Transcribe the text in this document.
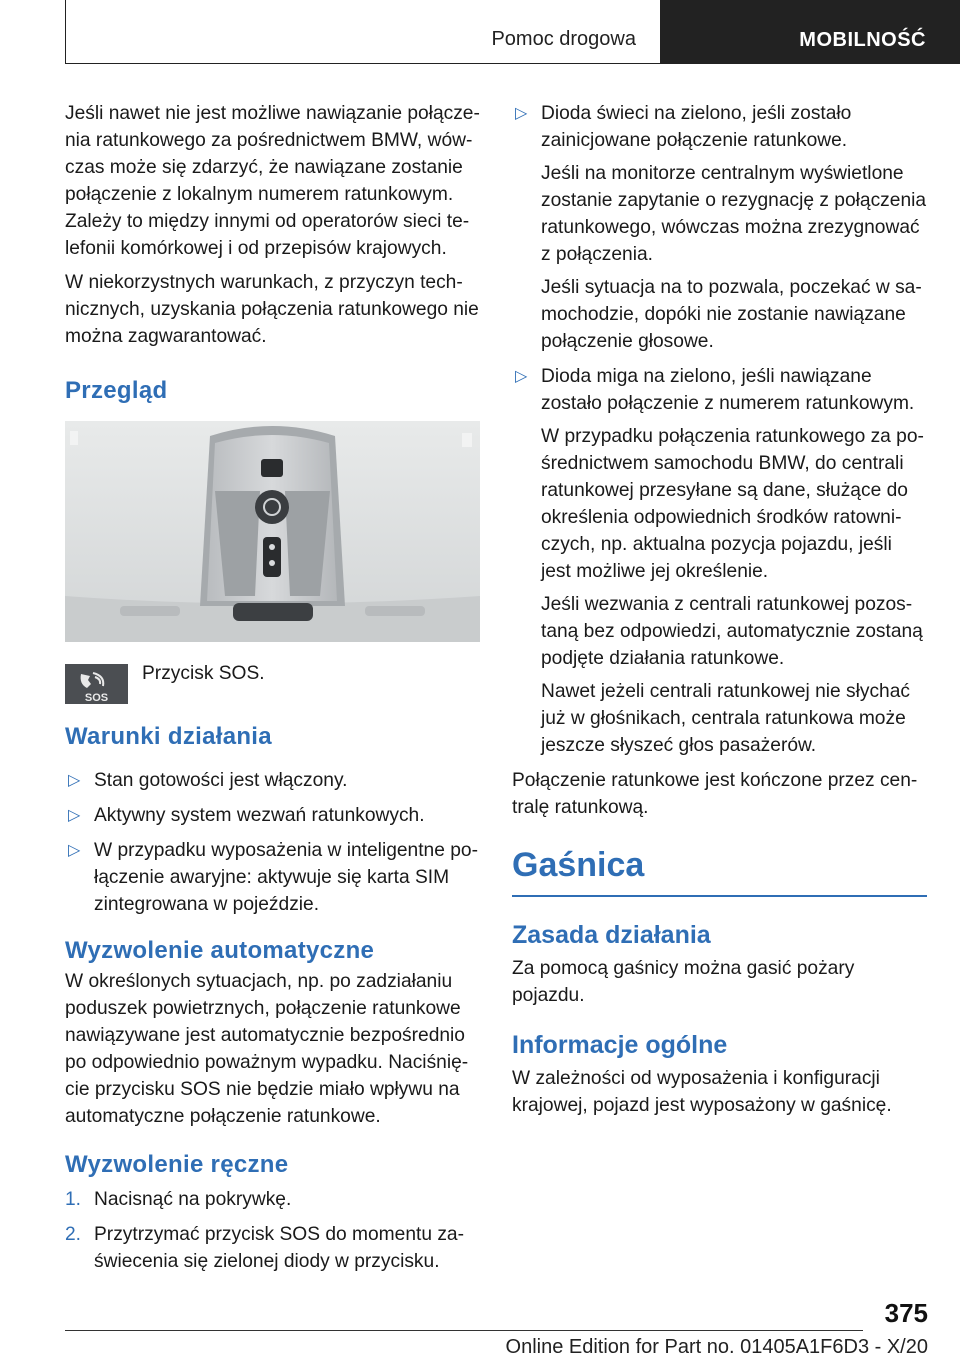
Pomoc drogowa	MOBILNOŚĆ

Jeśli nawet nie jest możliwe nawiązanie połączenia ratunkowego za pośrednictwem BMW, wówczas może się zdarzyć, że nawiązane zostanie połączenie z lokalnym numerem ratunkowym. Zależy to między innymi od operatorów sieci telefonii komórkowej i od przepisów krajowych.

W niekorzystnych warunkach, z przyczyn technicznych, uzyskania połączenia ratunkowego nie można zagwarantować.

Przegląd
SOS
Przycisk SOS.
Warunki działania
▷ Stan gotowości jest włączony.
▷ Aktywny system wezwań ratunkowych.
▷ W przypadku wyposażenia w inteligentne połączenie awaryjne: aktywuje się karta SIM zintegrowana w pojeździe.
Wyzwolenie automatyczne

W określonych sytuacjach, np. po zadziałaniu poduszek powietrznych, połączenie ratunkowe nawiązywane jest automatycznie bezpośrednio po odpowiednio poważnym wypadku. Naciśnięcie przycisku SOS nie będzie miało wpływu na automatyczne połączenie ratunkowe.

Wyzwolenie ręczne
1. Nacisnąć na pokrywkę.
2. Przytrzymać przycisk SOS do momentu zaświecenia się zielonej diody w przycisku.
▷ Dioda świeci na zielono, jeśli zostało zainicjowane połączenie ratunkowe.

Jeśli na monitorze centralnym wyświetlone zostanie zapytanie o rezygnację z połączenia ratunkowego, wówczas można zrezygnować z połączenia.

Jeśli sytuacja na to pozwala, poczekać w samochodzie, dopóki nie zostanie nawiązane połączenie głosowe.

▷ Dioda miga na zielono, jeśli nawiązane zostało połączenie z numerem ratunkowym.

W przypadku połączenia ratunkowego za pośrednictwem samochodu BMW, do centrali ratunkowej przesyłane są dane, służące do określenia odpowiednich środków ratowniczych, np. aktualna pozycja pojazdu, jeśli jest możliwe jej określenie.

Jeśli wezwania z centrali ratunkowej pozostaną bez odpowiedzi, automatycznie zostaną podjęte działania ratunkowe.

Nawet jeżeli centrali ratunkowej nie słychać już w głośnikach, centrala ratunkowa może jeszcze słyszeć głos pasażerów.

Połączenie ratunkowe jest kończone przez centralę ratunkową.

Gaśnica
Zasada działania

Za pomocą gaśnicy można gasić pożary pojazdu.

Informacje ogólne

W zależności od wyposażenia i konfiguracji krajowej, pojazd jest wyposażony w gaśnicę.

375
Online Edition for Part no. 01405A1F6D3 - X/20
